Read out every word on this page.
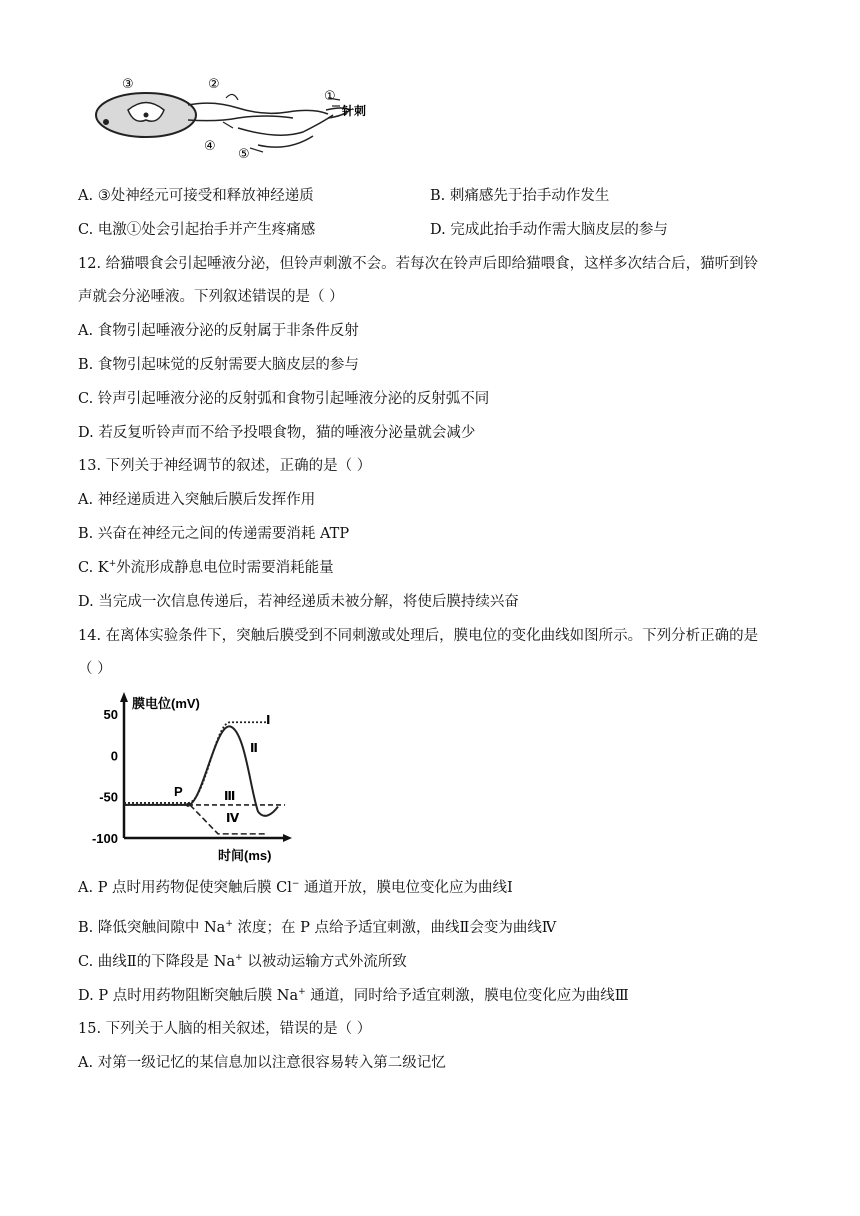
③	②
①
④
⑤
针刺
A. ③处神经元可接受和释放神经递质	B. 刺痛感先于抬手动作发生
C. 电激①处会引起抬手并产生疼痛感	D. 完成此抬手动作需大脑皮层的参与
12. 给猫喂食会引起唾液分泌，但铃声刺激不会。若每次在铃声后即给猫喂食，这样多次结合后，猫听到铃
声就会分泌唾液。下列叙述错误的是（ ）
A. 食物引起唾液分泌的反射属于非条件反射
B. 食物引起味觉的反射需要大脑皮层的参与
C. 铃声引起唾液分泌的反射弧和食物引起唾液分泌的反射弧不同
D. 若反复听铃声而不给予投喂食物，猫的唾液分泌量就会减少
13. 下列关于神经调节的叙述，正确的是（ ）
A. 神经递质进入突触后膜后发挥作用
B. 兴奋在神经元之间的传递需要消耗 ATP
C. K+外流形成静息电位时需要消耗能量
D. 当完成一次信息传递后，若神经递质未被分解，将使后膜持续兴奋
14. 在离体实验条件下，突触后膜受到不同刺激或处理后，膜电位的变化曲线如图所示。下列分析正确的是
（ ）
膜电位(mV)
时间(ms)
50
0
-50
-100
P
Ⅰ
Ⅱ
Ⅲ
Ⅳ
A. P 点时用药物促使突触后膜 Cl− 通道开放，膜电位变化应为曲线Ⅰ
B. 降低突触间隙中 Na+ 浓度；在 P 点给予适宜刺激，曲线Ⅱ会变为曲线Ⅳ
C. 曲线Ⅱ的下降段是 Na+ 以被动运输方式外流所致
D. P 点时用药物阻断突触后膜 Na+ 通道，同时给予适宜刺激，膜电位变化应为曲线Ⅲ
15. 下列关于人脑的相关叙述，错误的是（ ）
A. 对第一级记忆的某信息加以注意很容易转入第二级记忆
